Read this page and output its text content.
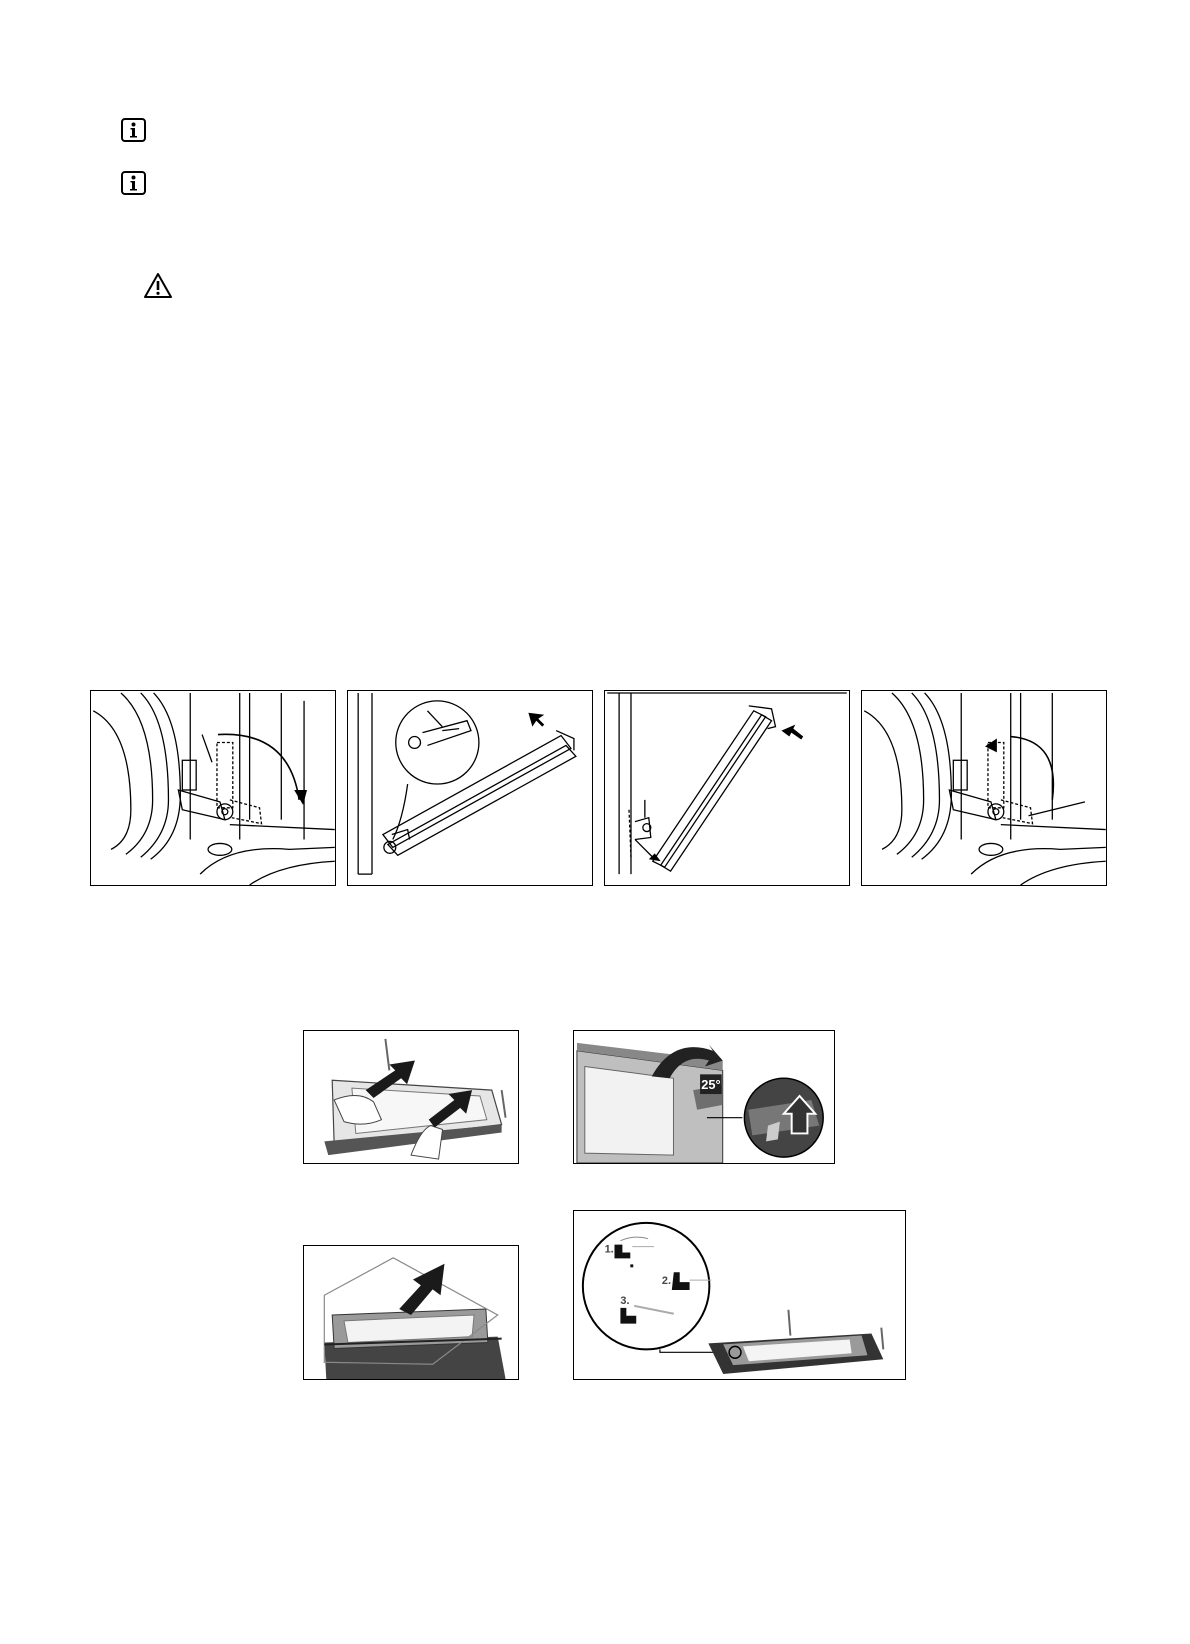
25°
1.
2.
3.
